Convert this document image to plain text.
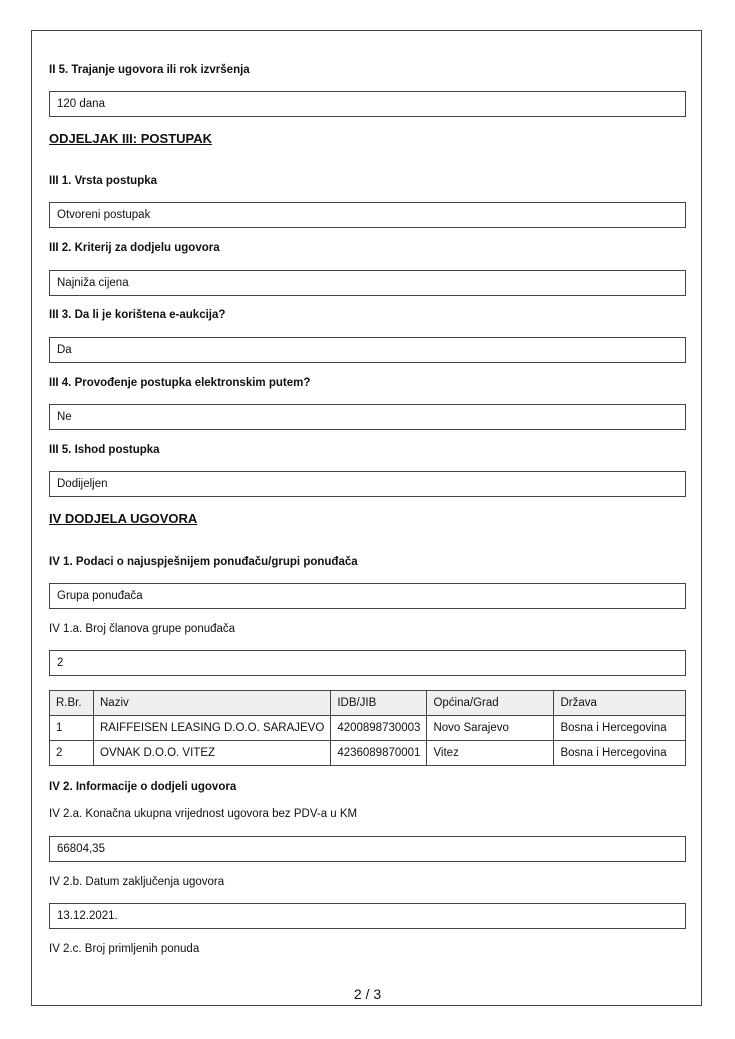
II 5. Trajanje ugovora ili rok izvršenja
120 dana
ODJELJAK III: POSTUPAK
III 1. Vrsta postupka
Otvoreni postupak
III 2. Kriterij za dodjelu ugovora
Najniža cijena
III 3. Da li je korištena e-aukcija?
Da
III 4. Provođenje postupka elektronskim putem?
Ne
III 5. Ishod postupka
Dodijeljen
IV DODJELA UGOVORA
IV 1. Podaci o najuspješnijem ponuđaču/grupi ponuđača
Grupa ponuđača
IV 1.a. Broj članova grupe ponuđača
2
R.Br.	Naziv	IDB/JIB	Općina/Grad	Država
1	RAIFFEISEN LEASING D.O.O. SARAJEVO	4200898730003	Novo Sarajevo	Bosna i Hercegovina
2	OVNAK D.O.O. VITEZ	4236089870001	Vitez	Bosna i Hercegovina
IV 2. Informacije o dodjeli ugovora
IV 2.a. Konačna ukupna vrijednost ugovora bez PDV-a u KM
66804,35
IV 2.b. Datum zaključenja ugovora
13.12.2021.
IV 2.c. Broj primljenih ponuda
2 / 3
